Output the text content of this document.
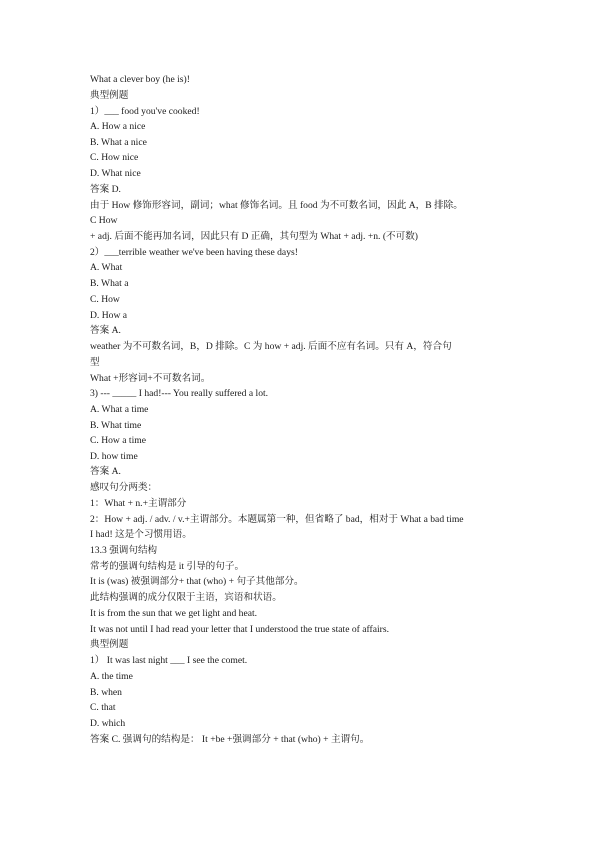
What a clever boy (he is)!
典型例题
1）___ food you've cooked!
A. How a nice
B. What a nice
C. How nice
D. What nice
答案 D.
由于 How 修饰形容词，副词；what 修饰名词。且 food 为不可数名词，因此 A，B 排除。
C How
+ adj. 后面不能再加名词，因此只有 D 正确，其句型为 What + adj. +n. (不可数)
2）___terrible weather we've been having these days!
A. What
B. What a
C. How
D. How a
答案 A.
weather 为不可数名词，B，D 排除。C 为 how + adj. 后面不应有名词。只有 A，符合句
型
What +形容词+不可数名词。
3) --- _____ I had!--- You really suffered a lot.
A. What a time
B. What time
C. How a time
D. how time
答案 A.
感叹句分两类：
1：What + n.+主谓部分
2：How + adj. / adv. / v.+主谓部分。本题属第一种，但省略了 bad，相对于 What a bad time
I had! 这是个习惯用语。
13.3 强调句结构
常考的强调句结构是 it 引导的句子。
It is (was) 被强调部分+ that (who) + 句子其他部分。
此结构强调的成分仅限于主语，宾语和状语。
It is from the sun that we get light and heat.
It was not until I had read your letter that I understood the true state of affairs.
典型例题
1） It was last night ___ I see the comet.
A. the time
B. when
C. that
D. which
答案 C. 强调句的结构是： It +be +强调部分 + that (who) + 主谓句。
